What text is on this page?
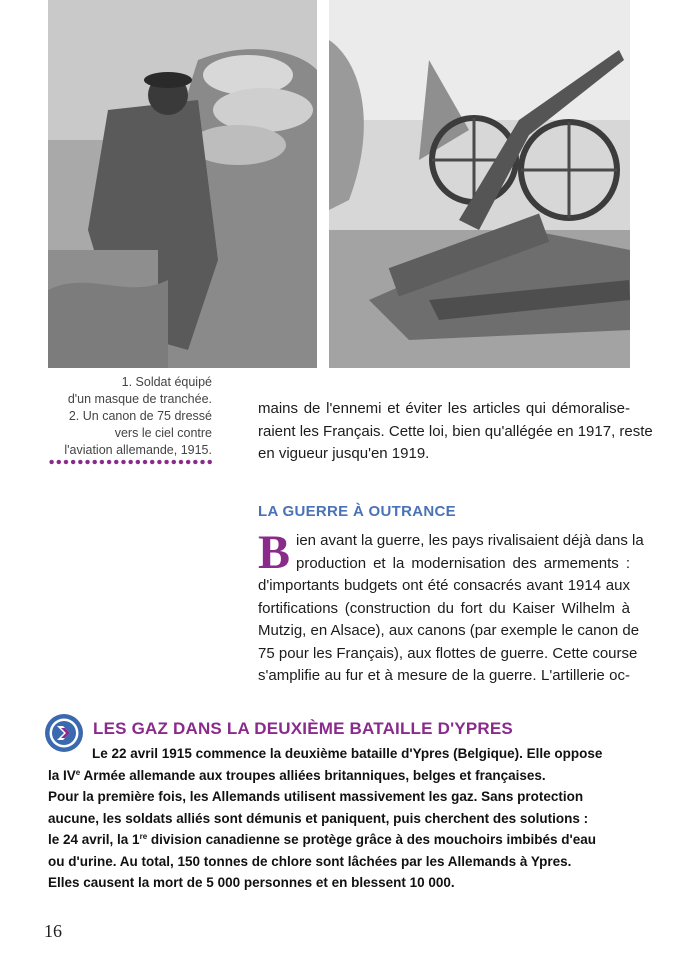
2
1. Soldat équipé
d'un masque de tranchée.
2. Un canon de 75 dressé
vers le ciel contre
l'aviation allemande, 1915.
mains de l'ennemi et éviter les articles qui démoralise-
raient les Français. Cette loi, bien qu'allégée en 1917, reste
en vigueur jusqu'en 1919.
LA GUERRE À OUTRANCE
B ien avant la guerre, les pays rivalisaient déjà dans la
production et la modernisation des armements :
d'importants budgets ont été consacrés avant 1914 aux
fortifications (construction du fort du Kaiser Wilhelm à
Mutzig, en Alsace), aux canons (par exemple le canon de
75 pour les Français), aux flottes de guerre. Cette course
s'amplifie au fur et à mesure de la guerre. L'artillerie oc-
LES GAZ DANS LA DEUXIÈME BATAILLE D'YPRES
Le 22 avril 1915 commence la deuxième bataille d'Ypres (Belgique). Elle oppose
la IVe Armée allemande aux troupes alliées britanniques, belges et françaises.
Pour la première fois, les Allemands utilisent massivement les gaz. Sans protection
aucune, les soldats alliés sont démunis et paniquent, puis cherchent des solutions :
le 24 avril, la 1re division canadienne se protège grâce à des mouchoirs imbibés d'eau
ou d'urine. Au total, 150 tonnes de chlore sont lâchées par les Allemands à Ypres.
Elles causent la mort de 5 000 personnes et en blessent 10 000.
16
